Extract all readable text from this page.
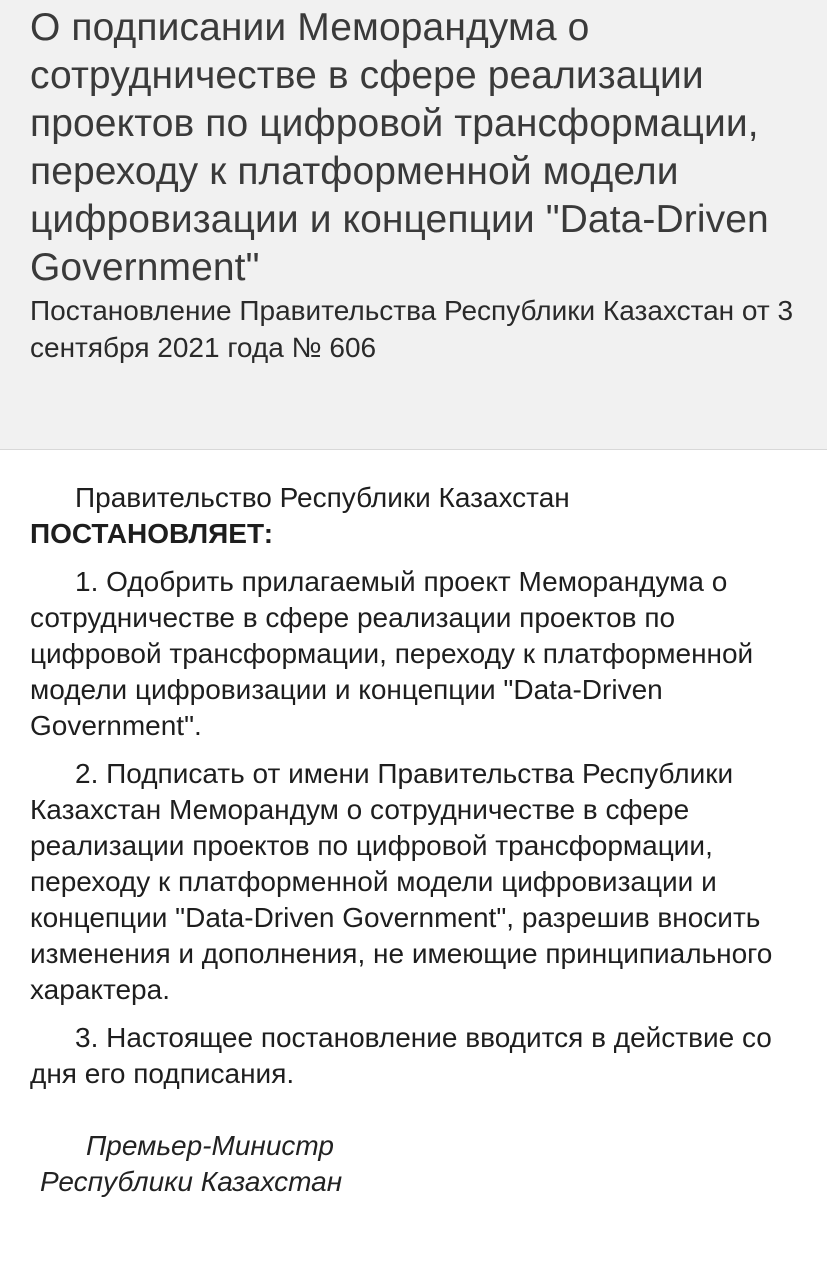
О подписании Меморандума о сотрудничестве в сфере реализации проектов по цифровой трансформации, переходу к платформенной модели цифровизации и концепции "Data-Driven Government"

Постановление Правительства Республики Казахстан от 3 сентября 2021 года № 606

Правительство Республики Казахстан
ПОСТАНОВЛЯЕТ:

1. Одобрить прилагаемый проект Меморандума о сотрудничестве в сфере реализации проектов по цифровой трансформации, переходу к платформенной модели цифровизации и концепции "Data-Driven Government".

2. Подписать от имени Правительства Республики Казахстан Меморандум о сотрудничестве в сфере реализации проектов по цифровой трансформации, переходу к платформенной модели цифровизации и концепции "Data-Driven Government", разрешив вносить изменения и дополнения, не имеющие принципиального характера.

3. Настоящее постановление вводится в действие со дня его подписания.

Премьер-Министр
Республики Казахстан
